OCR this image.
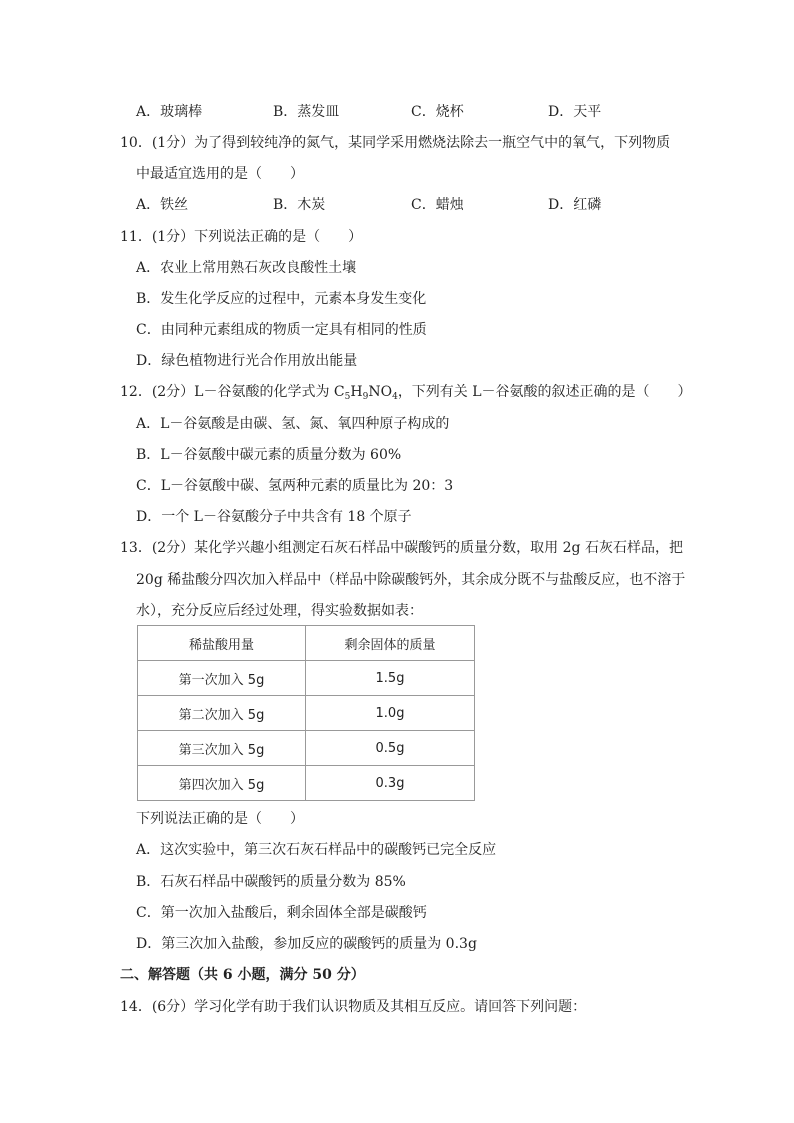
A．玻璃棒	B．蒸发皿	C．烧杯	D．天平
10．(1分）为了得到较纯净的氮气，某同学采用燃烧法除去一瓶空气中的氧气，下列物质
中最适宜选用的是（　　）
A．铁丝	B．木炭	C．蜡烛	D．红磷
11．(1分）下列说法正确的是（　　）
A．农业上常用熟石灰改良酸性土壤
B．发生化学反应的过程中，元素本身发生变化
C．由同种元素组成的物质一定具有相同的性质
D．绿色植物进行光合作用放出能量
12．(2分）L－谷氨酸的化学式为 $C_5H_9NO_4$，下列有关 L－谷氨酸的叙述正确的是（　　）
A．L－谷氨酸是由碳、氢、氮、氧四种原子构成的
B．L－谷氨酸中碳元素的质量分数为 60%
C．L－谷氨酸中碳、氢两种元素的质量比为 20：3
D．一个 L－谷氨酸分子中共含有 18 个原子
13．(2分）某化学兴趣小组测定石灰石样品中碳酸钙的质量分数，取用 2g 石灰石样品，把
20g 稀盐酸分四次加入样品中（样品中除碳酸钙外，其余成分既不与盐酸反应，也不溶于
水），充分反应后经过处理，得实验数据如表：
稀盐酸用量	剩余固体的质量
第一次加入 5g	1.5g
第二次加入 5g	1.0g
第三次加入 5g	0.5g
第四次加入 5g	0.3g
下列说法正确的是（　　）
A．这次实验中，第三次石灰石样品中的碳酸钙已完全反应
B．石灰石样品中碳酸钙的质量分数为 85%
C．第一次加入盐酸后，剩余固体全部是碳酸钙
D．第三次加入盐酸，参加反应的碳酸钙的质量为 0.3g
二、解答题（共 6 小题，满分 50 分）
14．(6分）学习化学有助于我们认识物质及其相互反应。请回答下列问题：
